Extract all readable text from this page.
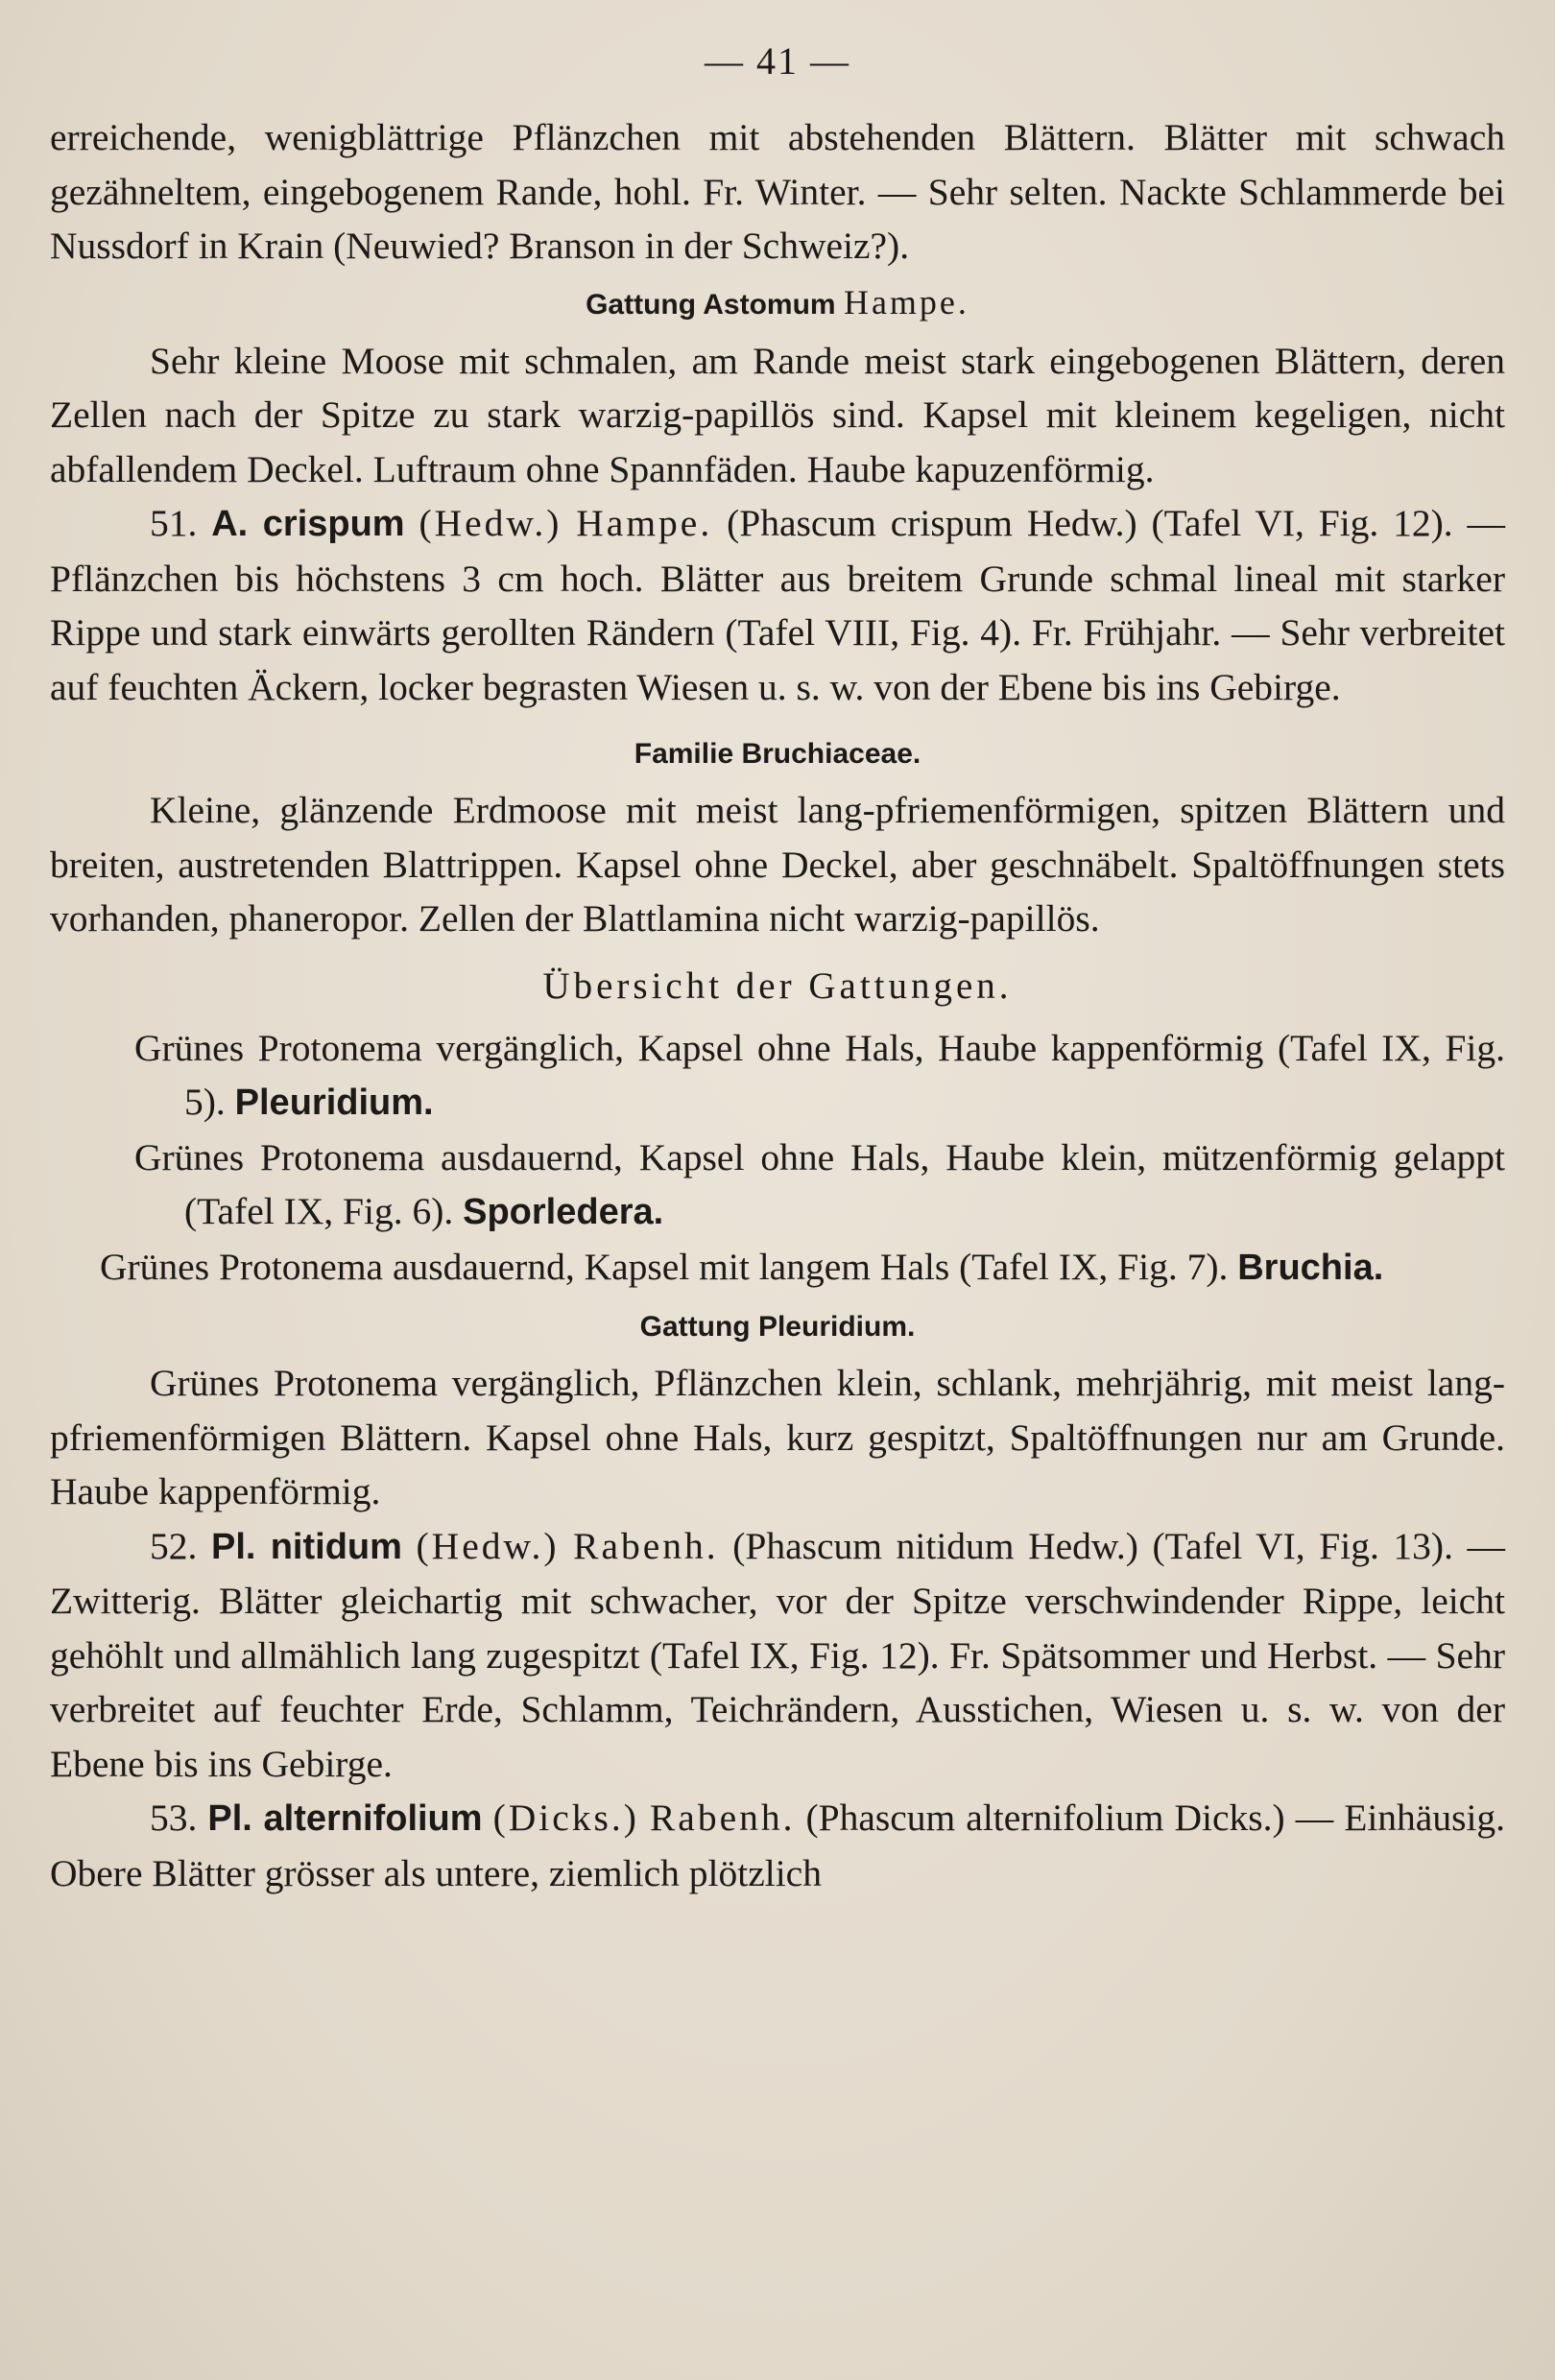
— 41 —

erreichende, wenigblättrige Pflänzchen mit abstehenden Blättern. Blätter mit schwach gezähneltem, eingebogenem Rande, hohl. Fr. Winter. — Sehr selten. Nackte Schlammerde bei Nussdorf in Krain (Neuwied? Branson in der Schweiz?).

Gattung Astomum Hampe.

Sehr kleine Moose mit schmalen, am Rande meist stark eingebogenen Blättern, deren Zellen nach der Spitze zu stark warzig-papillös sind. Kapsel mit kleinem kegeligen, nicht abfallendem Deckel. Luftraum ohne Spannfäden. Haube kapuzenförmig.

51. A. crispum (Hedw.) Hampe. (Phascum crispum Hedw.) (Tafel VI, Fig. 12). — Pflänzchen bis höchstens 3 cm hoch. Blätter aus breitem Grunde schmal lineal mit starker Rippe und stark einwärts gerollten Rändern (Tafel VIII, Fig. 4). Fr. Frühjahr. — Sehr verbreitet auf feuchten Äckern, locker begrasten Wiesen u. s. w. von der Ebene bis ins Gebirge.

Familie Bruchiaceae.

Kleine, glänzende Erdmoose mit meist lang-pfriemenförmigen, spitzen Blättern und breiten, austretenden Blattrippen. Kapsel ohne Deckel, aber geschnäbelt. Spaltöffnungen stets vorhanden, phaneropor. Zellen der Blattlamina nicht warzig-papillös.

Übersicht der Gattungen.

Grünes Protonema vergänglich, Kapsel ohne Hals, Haube kappenförmig (Tafel IX, Fig. 5). Pleuridium.

Grünes Protonema ausdauernd, Kapsel ohne Hals, Haube klein, mützenförmig gelappt (Tafel IX, Fig. 6). Sporledera.

Grünes Protonema ausdauernd, Kapsel mit langem Hals (Tafel IX, Fig. 7). Bruchia.

Gattung Pleuridium.

Grünes Protonema vergänglich, Pflänzchen klein, schlank, mehrjährig, mit meist lang-pfriemenförmigen Blättern. Kapsel ohne Hals, kurz gespitzt, Spaltöffnungen nur am Grunde. Haube kappenförmig.

52. Pl. nitidum (Hedw.) Rabenh. (Phascum nitidum Hedw.) (Tafel VI, Fig. 13). — Zwitterig. Blätter gleichartig mit schwacher, vor der Spitze verschwindender Rippe, leicht gehöhlt und allmählich lang zugespitzt (Tafel IX, Fig. 12). Fr. Spätsommer und Herbst. — Sehr verbreitet auf feuchter Erde, Schlamm, Teichrändern, Ausstichen, Wiesen u. s. w. von der Ebene bis ins Gebirge.

53. Pl. alternifolium (Dicks.) Rabenh. (Phascum alternifolium Dicks.) — Einhäusig. Obere Blätter grösser als untere, ziemlich plötzlich
